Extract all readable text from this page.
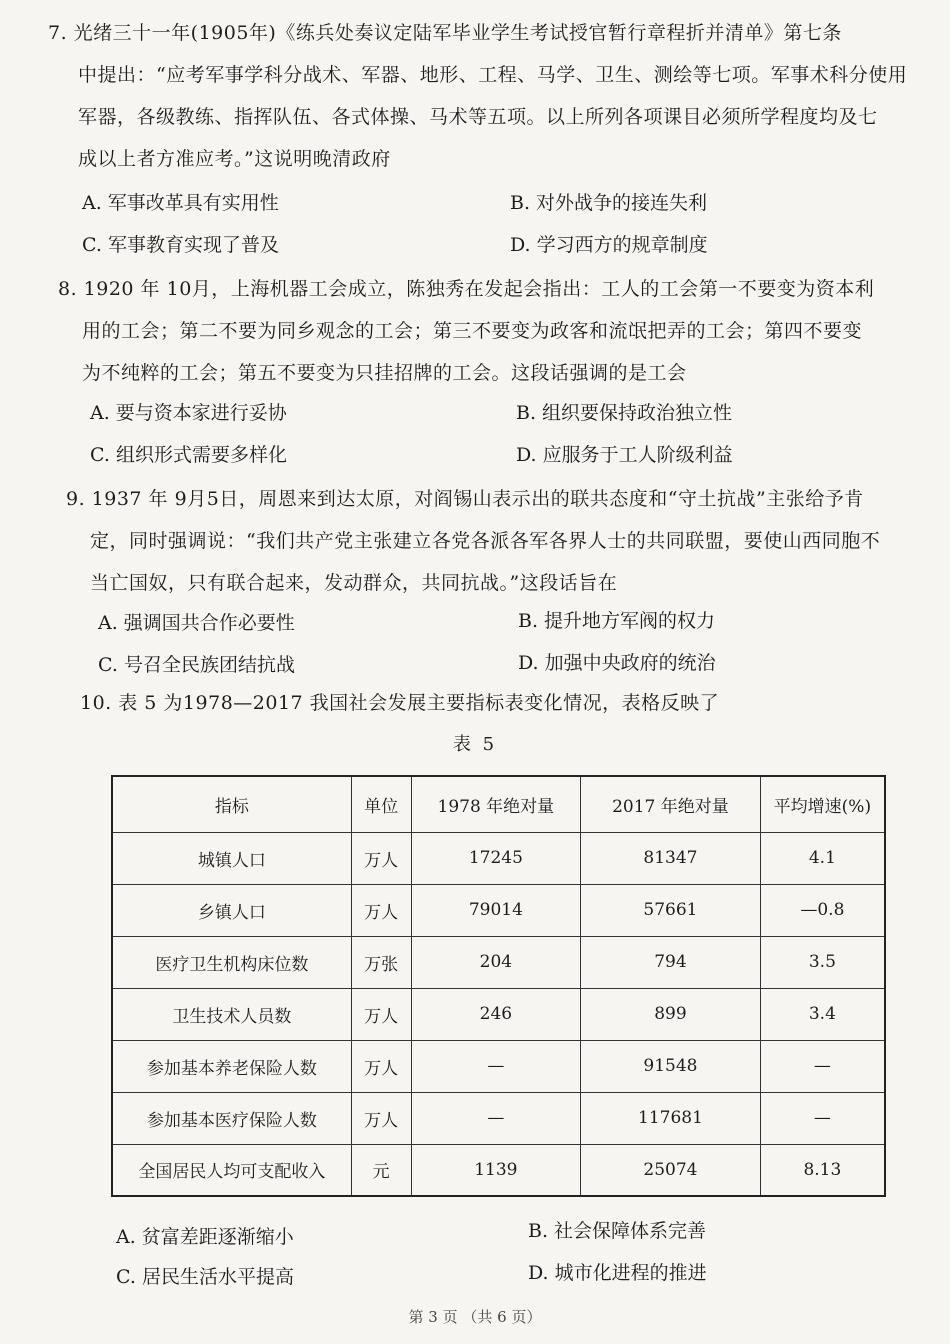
7. 光绪三十一年(1905年)《练兵处奏议定陆军毕业学生考试授官暂行章程折并清单》第七条
中提出：“应考军事学科分战术、军器、地形、工程、马学、卫生、测绘等七项。军事术科分使用
军器，各级教练、指挥队伍、各式体操、马术等五项。以上所列各项课目必须所学程度均及七
成以上者方准应考。”这说明晚清政府
A. 军事改革具有实用性	B. 对外战争的接连失利
C. 军事教育实现了普及	D. 学习西方的规章制度
8. 1920 年 10月，上海机器工会成立，陈独秀在发起会指出：工人的工会第一不要变为资本利
用的工会；第二不要为同乡观念的工会；第三不要变为政客和流氓把弄的工会；第四不要变
为不纯粹的工会；第五不要变为只挂招牌的工会。这段话强调的是工会
A. 要与资本家进行妥协	B. 组织要保持政治独立性
C. 组织形式需要多样化	D. 应服务于工人阶级利益
9. 1937 年 9月5日，周恩来到达太原，对阎锡山表示出的联共态度和“守土抗战”主张给予肯
定，同时强调说：“我们共产党主张建立各党各派各军各界人士的共同联盟，要使山西同胞不
当亡国奴，只有联合起来，发动群众，共同抗战。”这段话旨在
A. 强调国共合作必要性	B. 提升地方军阀的权力
C. 号召全民族团结抗战	D. 加强中央政府的统治
10. 表 5 为1978—2017 我国社会发展主要指标表变化情况，表格反映了
表 5
指标	单位	1978 年绝对量	2017 年绝对量	平均增速(%)
城镇人口	万人	17245	81347	4.1
乡镇人口	万人	79014	57661	—0.8
医疗卫生机构床位数	万张	204	794	3.5
卫生技术人员数	万人	246	899	3.4
参加基本养老保险人数	万人	—	91548	—
参加基本医疗保险人数	万人	—	117681	—
全国居民人均可支配收入	元	1139	25074	8.13
A. 贫富差距逐渐缩小	B. 社会保障体系完善
C. 居民生活水平提高	D. 城市化进程的推进
第 3 页 （共 6 页）
